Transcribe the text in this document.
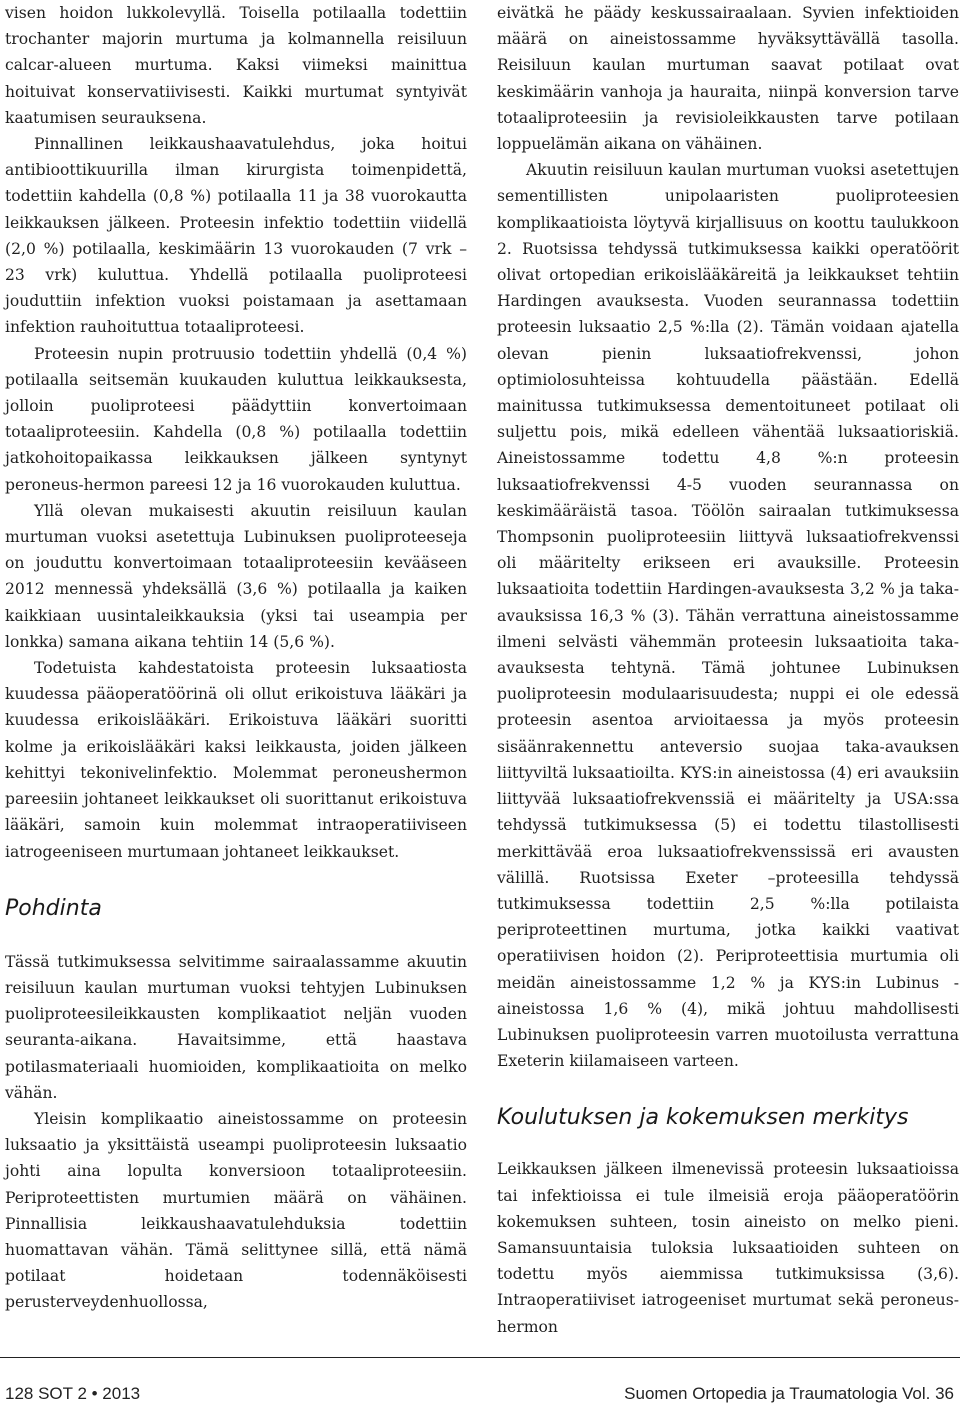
visen hoidon lukkolevyllä. Toisella potilaalla todettiin trochanter majorin murtuma ja kolmannella reisiluun calcar-alueen murtuma. Kaksi viimeksi mainittua hoituivat konservatiivisesti. Kaikki murtumat syntyivät kaatumisen seurauksena.

Pinnallinen leikkaushaavatulehdus, joka hoitui antibioottikuurilla ilman kirurgista toimenpidettä, todettiin kahdella (0,8 %) potilaalla 11 ja 38 vuorokautta leikkauksen jälkeen. Proteesin infektio todettiin viidellä (2,0 %) potilaalla, keskimäärin 13 vuorokauden (7 vrk – 23 vrk) kuluttua. Yhdellä potilaalla puoliproteesi jouduttiin infektion vuoksi poistamaan ja asettamaan infektion rauhoituttua totaaliproteesi.

Proteesin nupin protruusio todettiin yhdellä (0,4 %) potilaalla seitsemän kuukauden kuluttua leikkauksesta, jolloin puoliproteesi päädyttiin konvertoimaan totaaliproteesiin. Kahdella (0,8 %) potilaalla todettiin jatkohoitopaikassa leikkauksen jälkeen syntynyt peroneus-hermon pareesi 12 ja 16 vuorokauden kuluttua.

Yllä olevan mukaisesti akuutin reisiluun kaulan murtuman vuoksi asetettuja Lubinuksen puoliproteeseja on jouduttu konvertoimaan totaaliproteesiin kevääseen 2012 mennessä yhdeksällä (3,6 %) potilaalla ja kaiken kaikkiaan uusintaleikkauksia (yksi tai useampia per lonkka) samana aikana tehtiin 14 (5,6 %).

Todetuista kahdestatoista proteesin luksaatiosta kuudessa pääoperatöörinä oli ollut erikoistuva lääkäri ja kuudessa erikoislääkäri. Erikoistuva lääkäri suoritti kolme ja erikoislääkäri kaksi leikkausta, joiden jälkeen kehittyi tekonivelinfektio. Molemmat peroneushermon pareesiin johtaneet leikkaukset oli suorittanut erikoistuva lääkäri, samoin kuin molemmat intraoperatiiviseen iatrogeeniseen murtumaan johtaneet leikkaukset.

Pohdinta

Tässä tutkimuksessa selvitimme sairaalassamme akuutin reisiluun kaulan murtuman vuoksi tehtyjen Lubinuksen puoliproteesileikkausten komplikaatiot neljän vuoden seuranta-aikana. Havaitsimme, että haastava potilasmateriaali huomioiden, komplikaatioita on melko vähän.

Yleisin komplikaatio aineistossamme on proteesin luksaatio ja yksittäistä useampi puoliproteesin luksaatio johti aina lopulta konversioon totaaliproteesiin. Periproteettisten murtumien määrä on vähäinen. Pinnallisia leikkaushaavatulehduksia todettiin huomattavan vähän. Tämä selittynee sillä, että nämä potilaat hoidetaan todennäköisesti perusterveydenhuollossa,

eivätkä he päädy keskussairaalaan. Syvien infektioiden määrä on aineistossamme hyväksyttävällä tasolla. Reisiluun kaulan murtuman saavat potilaat ovat keskimäärin vanhoja ja hauraita, niinpä konversion tarve totaaliproteesiin ja revisioleikkausten tarve potilaan loppuelämän aikana on vähäinen.

Akuutin reisiluun kaulan murtuman vuoksi asetettujen sementillisten unipolaaristen puoliproteesien komplikaatioista löytyvä kirjallisuus on koottu taulukkoon 2. Ruotsissa tehdyssä tutkimuksessa kaikki operatöörit olivat ortopedian erikoislääkäreitä ja leikkaukset tehtiin Hardingen avauksesta. Vuoden seurannassa todettiin proteesin luksaatio 2,5 %:lla (2). Tämän voidaan ajatella olevan pienin luksaatiofrekvenssi, johon optimiolosuhteissa kohtuudella päästään. Edellä mainitussa tutkimuksessa dementoituneet potilaat oli suljettu pois, mikä edelleen vähentää luksaatioriskiä. Aineistossamme todettu 4,8 %:n proteesin luksaatiofrekvenssi 4-5 vuoden seurannassa on keskimääräistä tasoa. Töölön sairaalan tutkimuksessa Thompsonin puoliproteesiin liittyvä luksaatiofrekvenssi oli määritelty erikseen eri avauksille. Proteesin luksaatioita todettiin Hardingen-avauksesta 3,2 % ja taka-avauksissa 16,3 % (3). Tähän verrattuna aineistossamme ilmeni selvästi vähemmän proteesin luksaatioita taka-avauksesta tehtynä. Tämä johtunee Lubinuksen puoliproteesin modulaarisuudesta; nuppi ei ole edessä proteesin asentoa arvioitaessa ja myös proteesin sisäänrakennettu anteversio suojaa taka-avauksen liittyviltä luksaatioilta. KYS:in aineistossa (4) eri avauksiin liittyvää luksaatiofrekvenssiä ei määritelty ja USA:ssa tehdyssä tutkimuksessa (5) ei todettu tilastollisesti merkittävää eroa luksaatiofrekvenssissä eri avausten välillä. Ruotsissa Exeter –proteesilla tehdyssä tutkimuksessa todettiin 2,5 %:lla potilaista periproteettinen murtuma, jotka kaikki vaativat operatiivisen hoidon (2). Periproteettisia murtumia oli meidän aineistossamme 1,2 % ja KYS:in Lubinus -aineistossa 1,6 % (4), mikä johtuu mahdollisesti Lubinuksen puoliproteesin varren muotoilusta verrattuna Exeterin kiilamaiseen varteen.

Koulutuksen ja kokemuksen merkitys

Leikkauksen jälkeen ilmenevissä proteesin luksaatioissa tai infektioissa ei tule ilmeisiä eroja pääoperatöörin kokemuksen suhteen, tosin aineisto on melko pieni. Samansuuntaisia tuloksia luksaatioiden suhteen on todettu myös aiemmissa tutkimuksissa (3,6). Intraoperatiiviset iatrogeeniset murtumat sekä peroneus-hermon

128 SOT 2 • 2013	Suomen Ortopedia ja Traumatologia Vol. 36
